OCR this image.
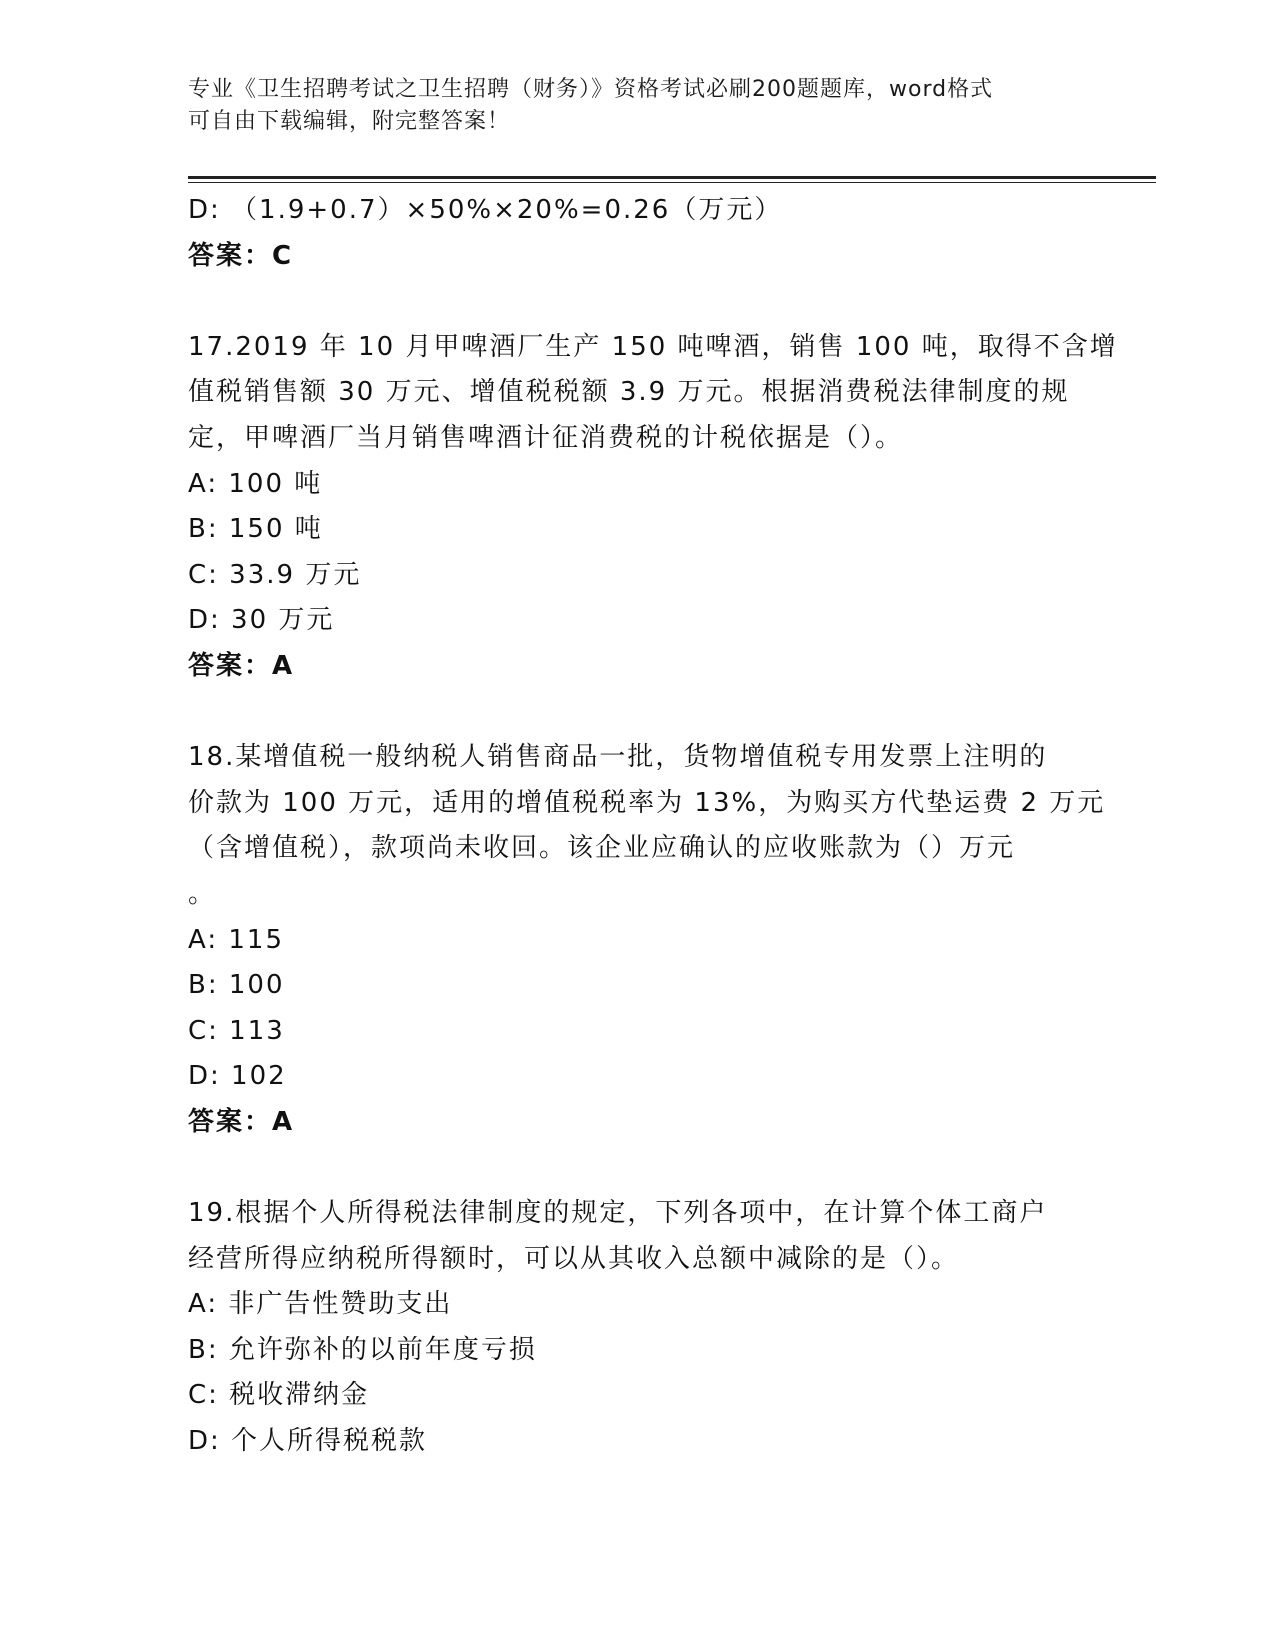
专业《卫生招聘考试之卫生招聘（财务）》资格考试必刷200题题库，word格式
可自由下载编辑，附完整答案！
D: （1.9+0.7）×50%×20%=0.26（万元）
答案：C
17.2019 年 10 月甲啤酒厂生产 150 吨啤酒，销售 100 吨，取得不含增
值税销售额 30 万元、增值税税额 3.9 万元。根据消费税法律制度的规
定，甲啤酒厂当月销售啤酒计征消费税的计税依据是（）。
A: 100 吨
B: 150 吨
C: 33.9 万元
D: 30 万元
答案：A
18.某增值税一般纳税人销售商品一批，货物增值税专用发票上注明的
价款为 100 万元，适用的增值税税率为 13%，为购买方代垫运费 2 万元
（含增值税），款项尚未收回。该企业应确认的应收账款为（）万元
。
A: 115
B: 100
C: 113
D: 102
答案：A
19.根据个人所得税法律制度的规定，下列各项中，在计算个体工商户
经营所得应纳税所得额时，可以从其收入总额中减除的是（）。
A: 非广告性赞助支出
B: 允许弥补的以前年度亏损
C: 税收滞纳金
D: 个人所得税税款
